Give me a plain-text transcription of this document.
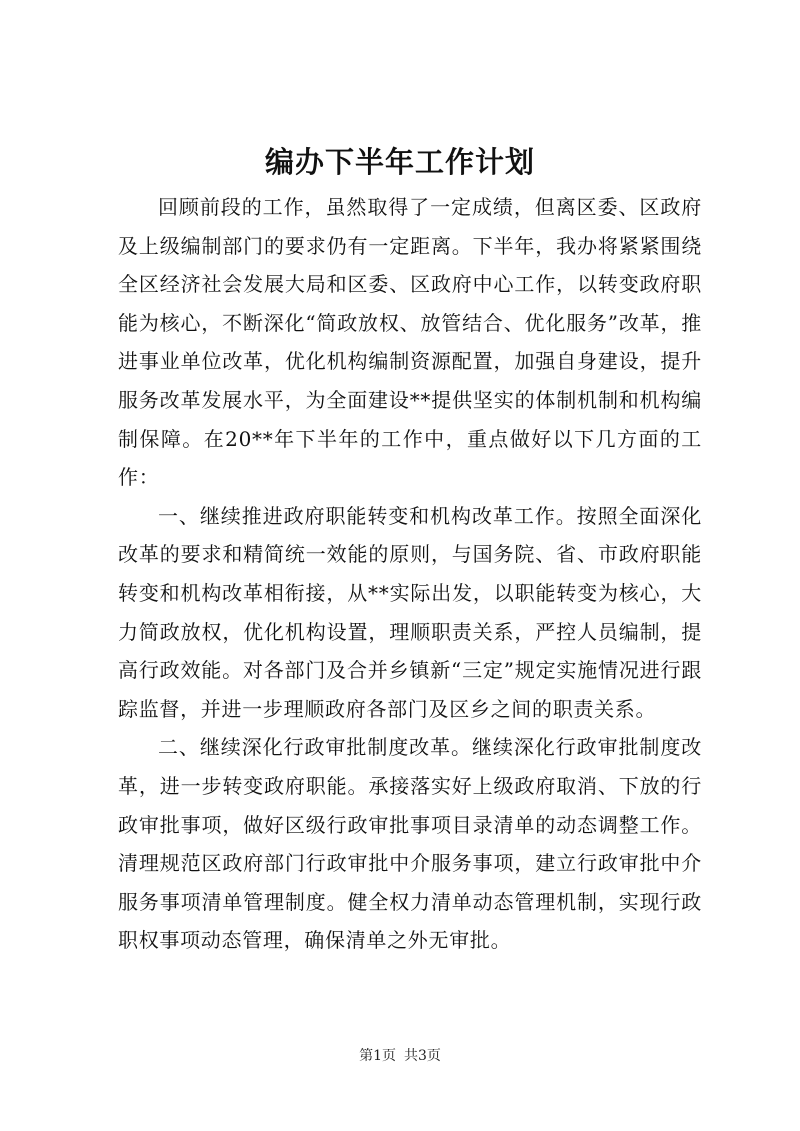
编办下半年工作计划

回顾前段的工作，虽然取得了一定成绩，但离区委、区政府及上级编制部门的要求仍有一定距离。下半年，我办将紧紧围绕全区经济社会发展大局和区委、区政府中心工作，以转变政府职能为核心，不断深化“简政放权、放管结合、优化服务”改革，推进事业单位改革，优化机构编制资源配置，加强自身建设，提升服务改革发展水平，为全面建设**提供坚实的体制机制和机构编制保障。在20**年下半年的工作中，重点做好以下几方面的工作：

一、继续推进政府职能转变和机构改革工作。按照全面深化改革的要求和精简统一效能的原则，与国务院、省、市政府职能转变和机构改革相衔接，从**实际出发，以职能转变为核心，大力简政放权，优化机构设置，理顺职责关系，严控人员编制，提高行政效能。对各部门及合并乡镇新“三定”规定实施情况进行跟踪监督，并进一步理顺政府各部门及区乡之间的职责关系。

二、继续深化行政审批制度改革。继续深化行政审批制度改革，进一步转变政府职能。承接落实好上级政府取消、下放的行政审批事项，做好区级行政审批事项目录清单的动态调整工作。清理规范区政府部门行政审批中介服务事项，建立行政审批中介服务事项清单管理制度。健全权力清单动态管理机制，实现行政职权事项动态管理，确保清单之外无审批。

第1页 共3页
